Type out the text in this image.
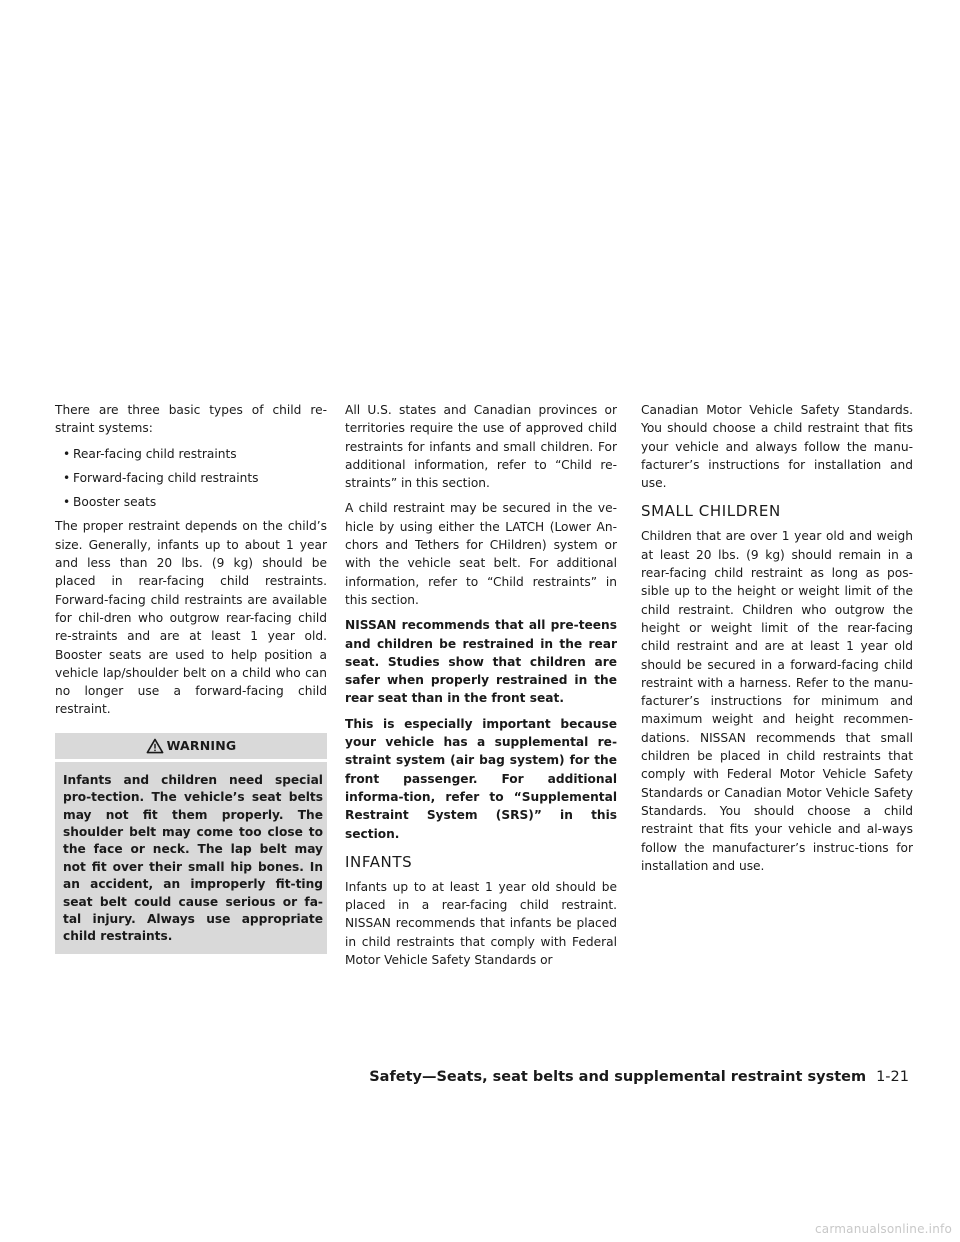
There are three basic types of child re-straint systems:

• Rear-facing child restraints
• Forward-facing child restraints
• Booster seats

The proper restraint depends on the child’s size. Generally, infants up to about 1 year and less than 20 lbs. (9 kg) should be placed in rear-facing child restraints. Forward-facing child restraints are available for chil-dren who outgrow rear-facing child re-straints and are at least 1 year old. Booster seats are used to help position a vehicle lap/shoulder belt on a child who can no longer use a forward-facing child restraint.

WARNING
Infants and children need special pro-tection. The vehicle’s seat belts may not fit them properly. The shoulder belt may come too close to the face or neck. The lap belt may not fit over their small hip bones. In an accident, an improperly fit-ting seat belt could cause serious or fa-tal injury. Always use appropriate child restraints.

All U.S. states and Canadian provinces or territories require the use of approved child restraints for infants and small children. For additional information, refer to “Child re-straints” in this section.

A child restraint may be secured in the ve-hicle by using either the LATCH (Lower An-chors and Tethers for CHildren) system or with the vehicle seat belt. For additional information, refer to “Child restraints” in this section.

NISSAN recommends that all pre-teens and children be restrained in the rear seat. Studies show that children are safer when properly restrained in the rear seat than in the front seat.

This is especially important because your vehicle has a supplemental re-straint system (air bag system) for the front passenger. For additional informa-tion, refer to “Supplemental Restraint System (SRS)” in this section.

INFANTS

Infants up to at least 1 year old should be placed in a rear-facing child restraint. NISSAN recommends that infants be placed in child restraints that comply with Federal Motor Vehicle Safety Standards or

Canadian Motor Vehicle Safety Standards. You should choose a child restraint that fits your vehicle and always follow the manu-facturer’s instructions for installation and use.

SMALL CHILDREN

Children that are over 1 year old and weigh at least 20 lbs. (9 kg) should remain in a rear-facing child restraint as long as pos-sible up to the height or weight limit of the child restraint. Children who outgrow the height or weight limit of the rear-facing child restraint and are at least 1 year old should be secured in a forward-facing child restraint with a harness. Refer to the manu-facturer’s instructions for minimum and maximum weight and height recommen-dations. NISSAN recommends that small children be placed in child restraints that comply with Federal Motor Vehicle Safety Standards or Canadian Motor Vehicle Safety Standards. You should choose a child restraint that fits your vehicle and al-ways follow the manufacturer’s instruc-tions for installation and use.

Safety—Seats, seat belts and supplemental restraint system 1-21
carmanualsonline.info
